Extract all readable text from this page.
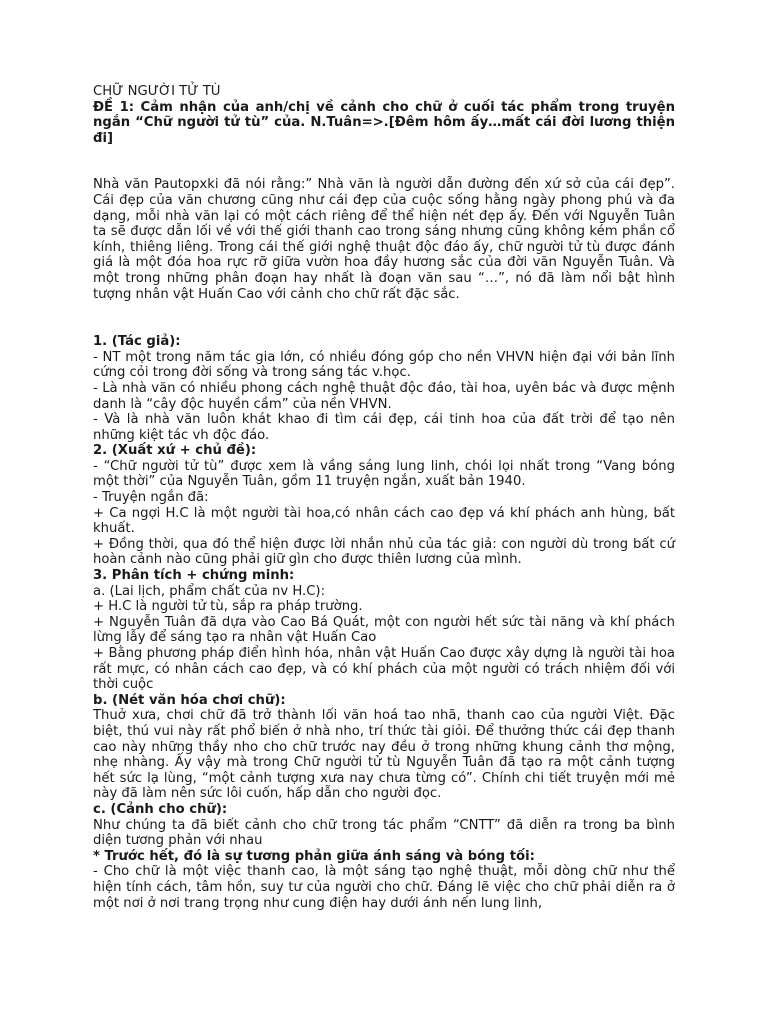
CHỮ NGƯỜI TỬ TÙ

ĐỀ 1: Cảm nhận của anh/chị về cảnh cho chữ ở cuối tác phẩm trong truyện ngắn “Chữ người tử tù” của. N.Tuân=>.[Đêm hôm ấy…mất cái đời lương thiện đi]

Nhà văn Pautopxki đã nói rằng:” Nhà văn là người dẫn đường đến xứ sở của cái đẹp”. Cái đẹp của văn chương cũng như cái đẹp của cuộc sống hằng ngày phong phú và đa dạng, mỗi nhà văn lại có một cách riêng để thể hiện nét đẹp ấy. Đến với Nguyễn Tuân ta sẽ được dẫn lối về với thế giới thanh cao trong sáng nhưng cũng không kém phần cổ kính, thiêng liêng. Trong cái thế giới nghệ thuật độc đáo ấy, chữ người tử tù được đánh giá là một đóa hoa rực rỡ giữa vườn hoa đầy hương sắc của đời văn Nguyễn Tuân. Và một trong những phân đoạn hay nhất là đoạn văn sau “…”, nó đã làm nổi bật hình tượng nhân vật Huấn Cao với cảnh cho chữ rất đặc sắc.

1. (Tác giả):

- NT một trong năm tác gia lớn, có nhiều đóng góp cho nền VHVN hiện đại với bản lĩnh cứng cỏi trong đời sống và trong sáng tác v.học.

- Là nhà văn có nhiều phong cách nghệ thuật độc đáo, tài hoa, uyên bác và được mệnh danh là “cây độc huyền cầm” của nền VHVN.

- Và là nhà văn luôn khát khao đi tìm cái đẹp, cái tinh hoa của đất trời để tạo nên những kiệt tác vh độc đáo.

2. (Xuất xứ + chủ đề):

- “Chữ người tử tù” được xem là vầng sáng lung linh, chói lọi nhất trong “Vang bóng một thời” của Nguyễn Tuân, gồm 11 truyện ngắn, xuất bản 1940.

- Truyện ngắn đã:

+ Ca ngợi H.C là một người tài hoa,có nhân cách cao đẹp vá khí phách anh hùng, bất khuất.

+ Đồng thời, qua đó thể hiện được lời nhắn nhủ của tác giả: con người dù trong bất cứ hoàn cảnh nào cũng phải giữ gìn cho được thiên lương của mình.

3. Phân tích + chứng minh:

a. (Lai lịch, phẩm chất của nv H.C):

+ H.C là người tử tù, sắp ra pháp trường.

+ Nguyễn Tuân đã dựa vào Cao Bá Quát, một con người hết sức tài năng và khí phách lừng lẫy để sáng tạo ra nhân vật Huấn Cao

+ Bằng phương pháp điển hình hóa, nhân vật Huấn Cao được xây dựng là người tài hoa rất mực, có nhân cách cao đẹp, và có khí phách của một người có trách nhiệm đối với thời cuộc

b. (Nét văn hóa chơi chữ):

Thuở xưa, chơi chữ đã trở thành lối văn hoá tao nhã, thanh cao của người Việt. Đặc biệt, thú vui này rất phổ biến ở nhà nho, trí thức tài giỏi. Để thưởng thức cái đẹp thanh cao này những thầy nho cho chữ trước nay đều ở trong những khung cảnh thơ mộng, nhẹ nhàng. Ấy vậy mà trong Chữ người tử tù Nguyễn Tuân đã tạo ra một cảnh tượng hết sức lạ lùng, “một cảnh tượng xưa nay chưa từng có”. Chính chi tiết truyện mới mẻ này đã làm nên sức lôi cuốn, hấp dẫn cho người đọc.

c. (Cảnh cho chữ):

Như chúng ta đã biết cảnh cho chữ trong tác phẩm “CNTT” đã diễn ra trong ba bình diện tương phản với nhau

* Trước hết, đó là sự tương phản giữa ánh sáng và bóng tối:

- Cho chữ là một việc thanh cao, là một sáng tạo nghệ thuật, mỗi dòng chữ như thể hiện tính cách, tâm hồn, suy tư của người cho chữ. Đáng lẽ việc cho chữ phải diễn ra ở một nơi ở nơi trang trọng như cung điện hay dưới ánh nến lung linh,
